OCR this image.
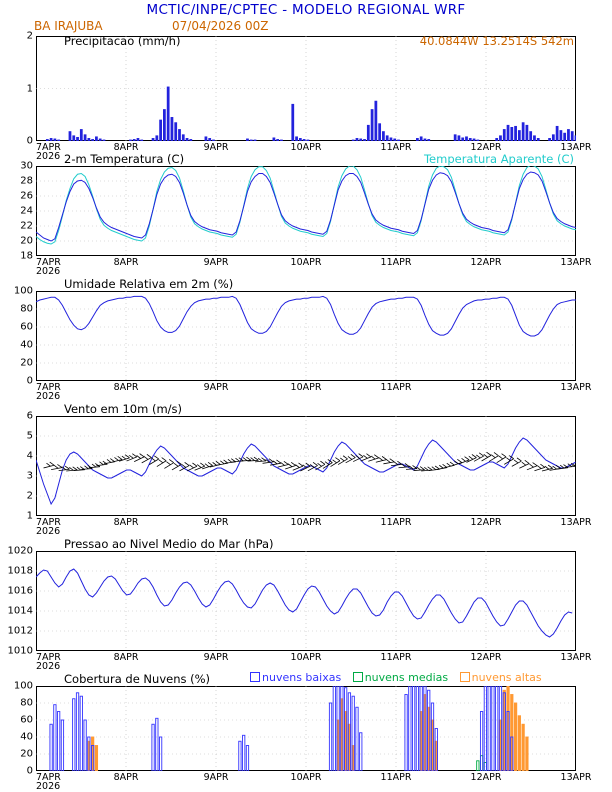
MCTIC/INPE/CPTEC - MODELO REGIONAL WRF
BA IRAJUBA	07/04/2026 00Z
Precipitacao (mm/h)	40.0844W 13.2514S 542m
0
1
2
7APR	8APR	9APR	10APR	11APR	12APR	13APR
2026 2-m Temperatura (C)	Temperatura Aparente (C)
18
20
22
24
26
28
30
7APR	8APR	9APR	10APR	11APR	12APR	13APR
2026
Umidade Relativa em 2m (%)
0
20
40
60
80
100
7APR	8APR	9APR	10APR	11APR	12APR	13APR
2026
Vento em 10m (m/s)
1
2
3
4
5
6
7APR	8APR	9APR	10APR	11APR	12APR	13APR
2026
Pressao ao Nivel Medio do Mar (hPa)
1010
1012
1014
1016
1018
1020
7APR	8APR	9APR	10APR	11APR	12APR	13APR
2026
Cobertura de Nuvens (%)	nuvens baixas nuvens medias nuvens altas
0
20
40
60
80
100
7APR	8APR	9APR	10APR	11APR	12APR	13APR
2026
